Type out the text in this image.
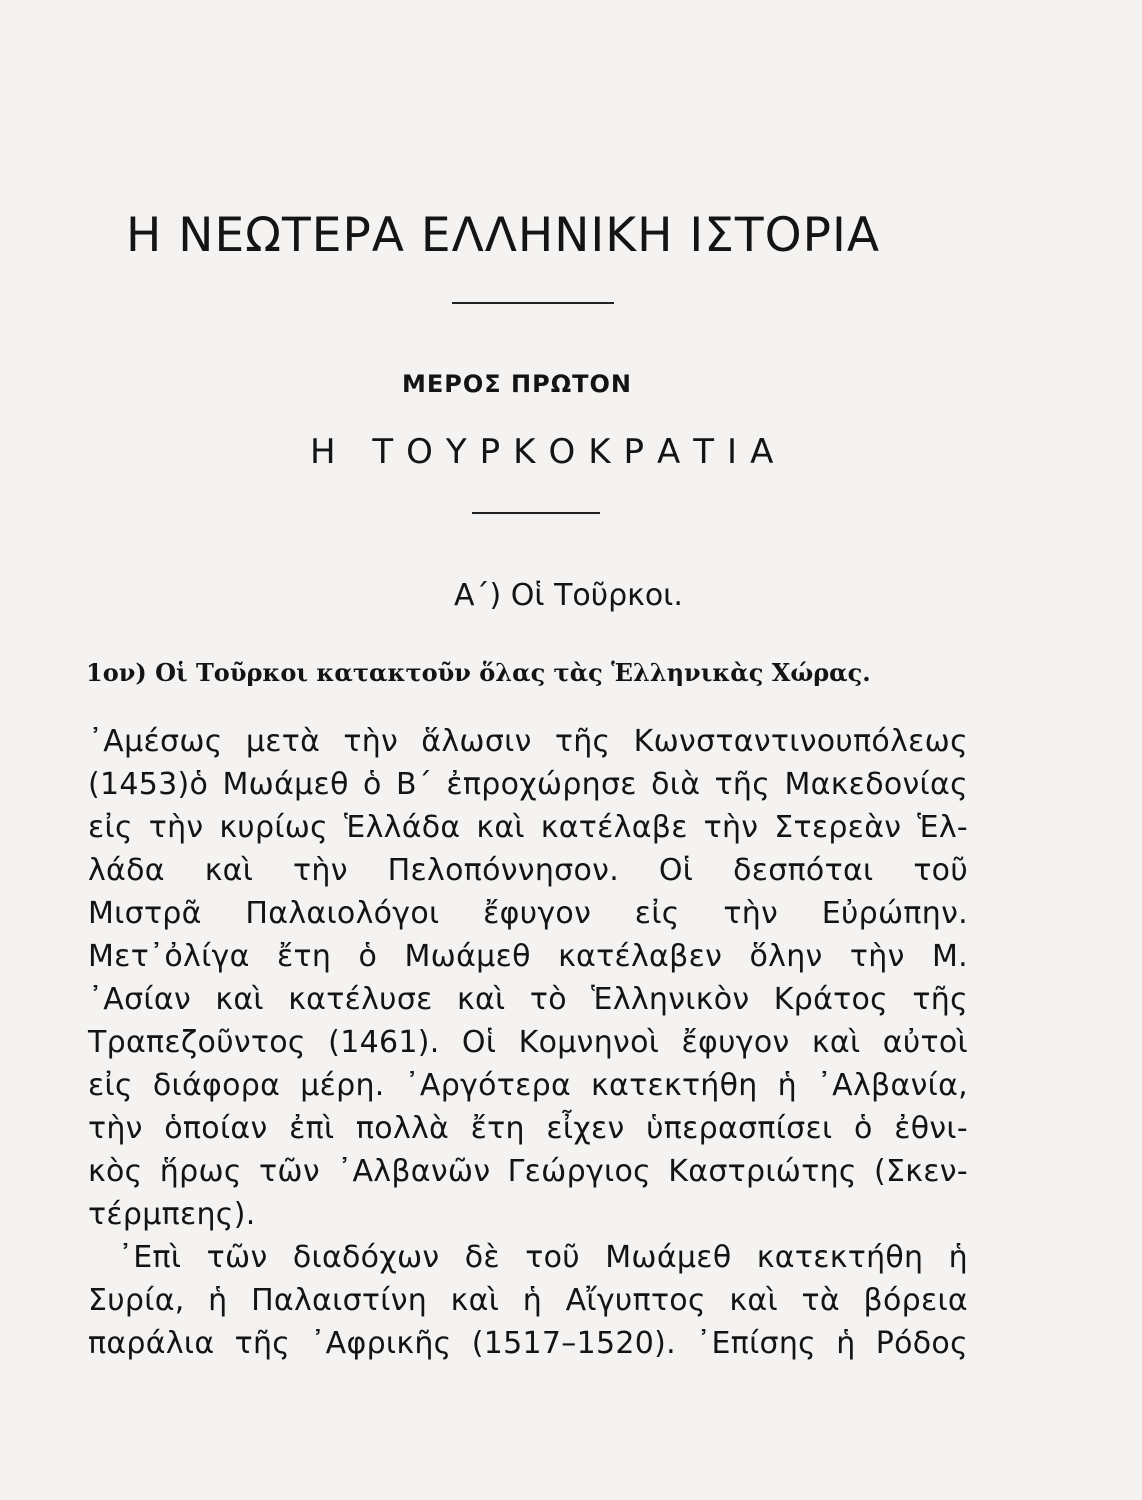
Η ΝΕΩΤΕΡΑ ΕΛΛΗΝΙΚΗ ΙΣΤΟΡΙΑ
ΜΕΡΟΣ ΠΡΩΤΟΝ
Η ΤΟΥΡΚΟΚΡΑΤΙΑ
Α΄) Οἱ Τοῦρκοι.
1ον) Οἱ Τοῦρκοι κατακτοῦν ὅλας τὰς Ἑλληνικὰς Χώρας.
᾿Αμέσως μετὰ τὴν ἅλωσιν τῆς Κωνσταντινουπόλεως
(1453)ὁ Μωάμεθ ὁ Β΄ ἐπροχώρησε διὰ τῆς Μακεδονίας
εἰς τὴν κυρίως Ἑλλάδα καὶ κατέλαβε τὴν Στερεὰν Ἑλ-
λάδα καὶ τὴν Πελοπόννησον. Οἱ δεσπόται τοῦ
Μιστρᾶ Παλαιολόγοι ἔφυγον εἰς τὴν Εὐρώπην.
Μετ᾿ὀλίγα ἔτη ὁ Μωάμεθ κατέλαβεν ὅλην τὴν Μ.
᾿Ασίαν καὶ κατέλυσε καὶ τὸ Ἑλληνικὸν Κράτος τῆς
Τραπεζοῦντος (1461). Οἱ Κομνηνοὶ ἔφυγον καὶ αὐτοὶ
εἰς διάφορα μέρη. ᾿Αργότερα κατεκτήθη ἡ ᾿Αλβανία,
τὴν ὁποίαν ἐπὶ πολλὰ ἔτη εἶχεν ὑπερασπίσει ὁ ἐθνι-
κὸς ἥρως τῶν ᾿Αλβανῶν Γεώργιος Καστριώτης (Σκεν-
τέρμπεης).
᾿Επὶ τῶν διαδόχων δὲ τοῦ Μωάμεθ κατεκτήθη ἡ
Συρία, ἡ Παλαιστίνη καὶ ἡ Αἴγυπτος καὶ τὰ βόρεια
παράλια τῆς ᾿Αφρικῆς (1517–1520). ᾿Επίσης ἡ Ρόδος
